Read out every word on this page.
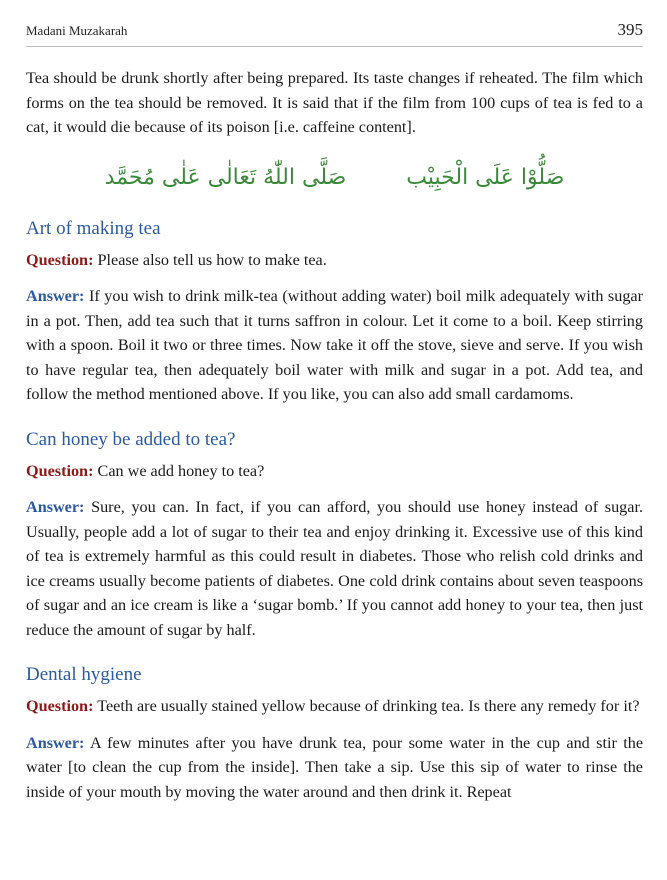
Madani Muzakarah	395

Tea should be drunk shortly after being prepared. Its taste changes if reheated. The film which forms on the tea should be removed. It is said that if the film from 100 cups of tea is fed to a cat, it would die because of its poison [i.e. caffeine content].

صَلُّوْا عَلَى الْحَبِيْب
صَلَّى اللّٰهُ تَعَالٰی عَلٰی مُحَمَّد
Art of making tea

Question: Please also tell us how to make tea.

Answer: If you wish to drink milk-tea (without adding water) boil milk adequately with sugar in a pot. Then, add tea such that it turns saffron in colour. Let it come to a boil. Keep stirring with a spoon. Boil it two or three times. Now take it off the stove, sieve and serve. If you wish to have regular tea, then adequately boil water with milk and sugar in a pot. Add tea, and follow the method mentioned above. If you like, you can also add small cardamoms.

Can honey be added to tea?

Question: Can we add honey to tea?

Answer: Sure, you can. In fact, if you can afford, you should use honey instead of sugar. Usually, people add a lot of sugar to their tea and enjoy drinking it. Excessive use of this kind of tea is extremely harmful as this could result in diabetes. Those who relish cold drinks and ice creams usually become patients of diabetes. One cold drink contains about seven teaspoons of sugar and an ice cream is like a ‘sugar bomb.’ If you cannot add honey to your tea, then just reduce the amount of sugar by half.

Dental hygiene

Question: Teeth are usually stained yellow because of drinking tea. Is there any remedy for it?

Answer: A few minutes after you have drunk tea, pour some water in the cup and stir the water [to clean the cup from the inside]. Then take a sip. Use this sip of water to rinse the inside of your mouth by moving the water around and then drink it. Repeat
